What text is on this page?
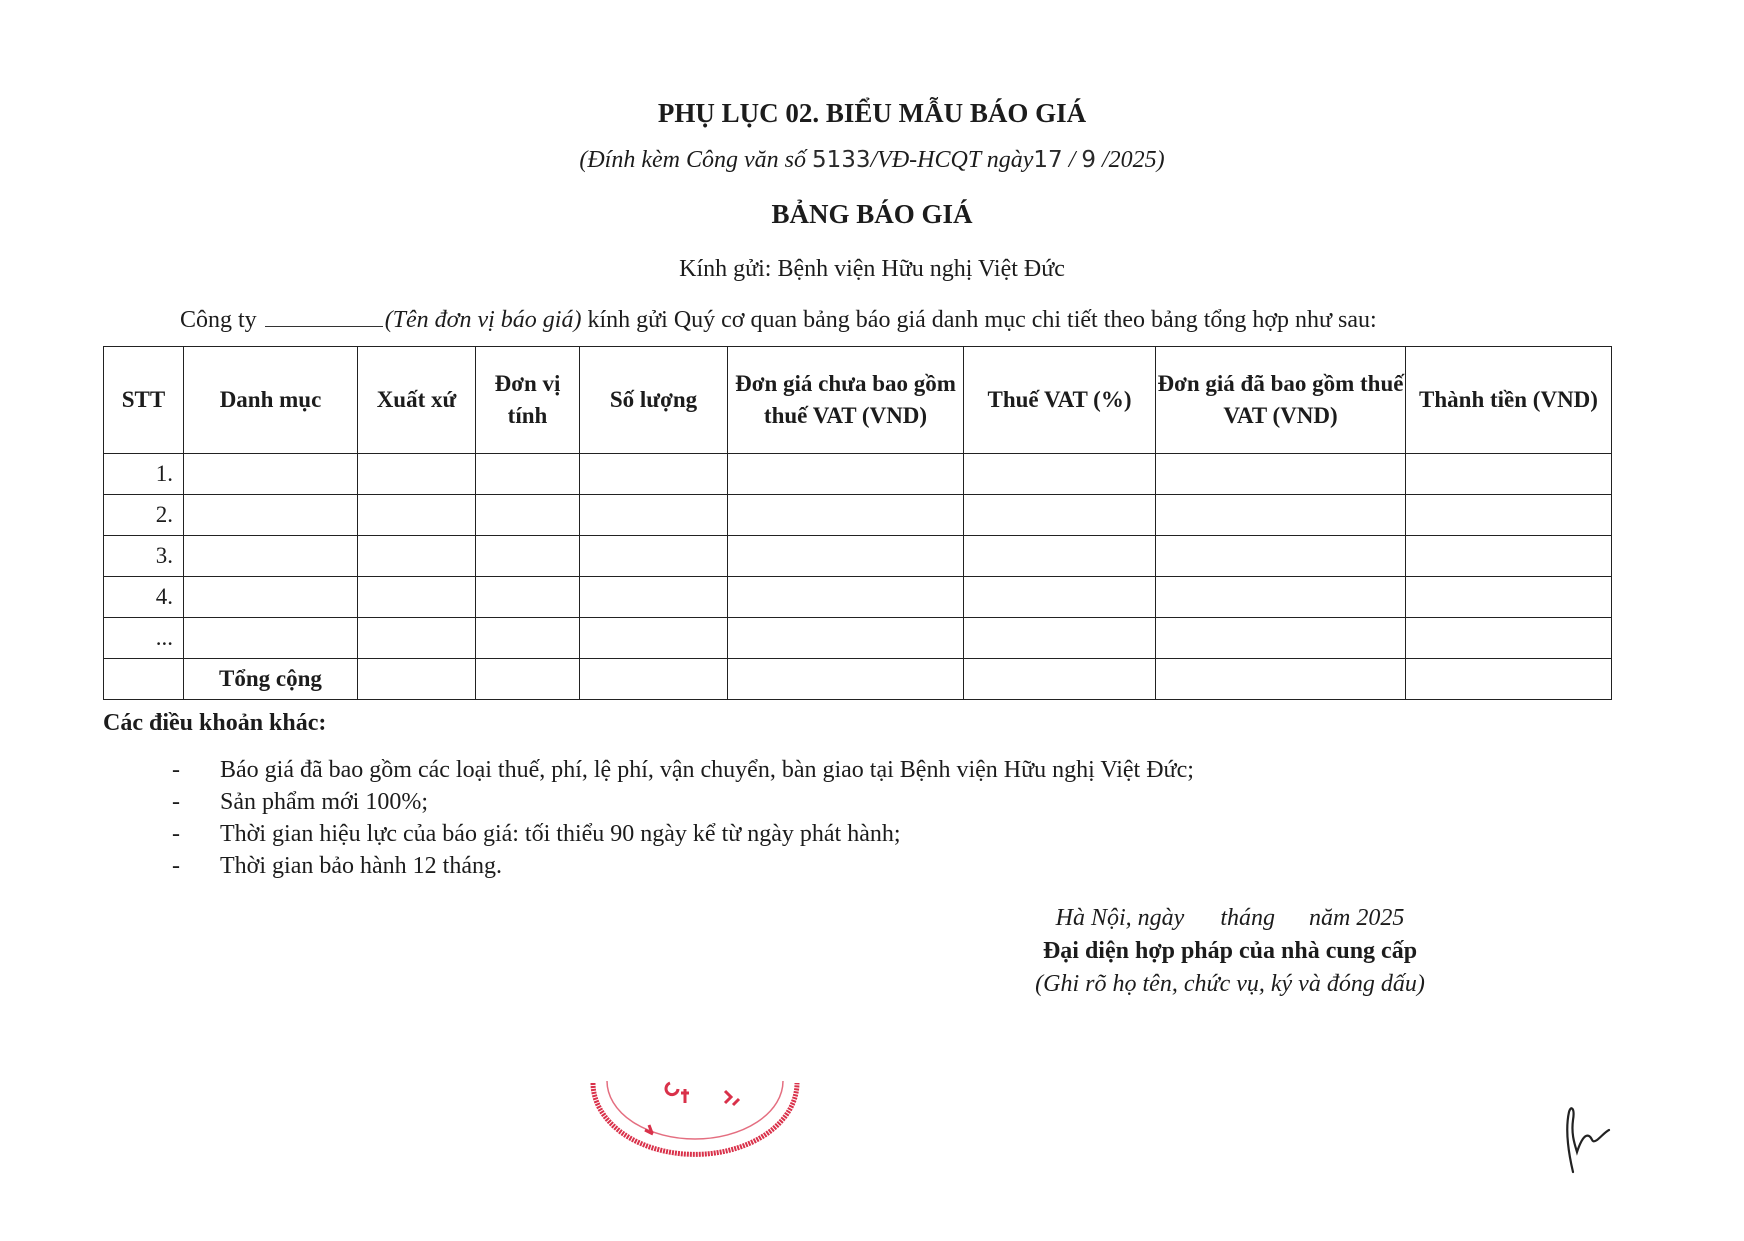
PHỤ LỤC 02. BIỂU MẪU BÁO GIÁ
(Đính kèm Công văn số 5133/VĐ-HCQT ngày17 / 9 /2025)
BẢNG BÁO GIÁ
Kính gửi: Bệnh viện Hữu nghị Việt Đức
Công ty	(Tên đơn vị báo giá) kính gửi Quý cơ quan bảng báo giá danh mục chi tiết theo bảng tổng hợp như sau:
STT	Danh mục	Xuất xứ	Đơn vị tính	Số lượng	Đơn giá chưa bao gồm thuế VAT (VND)	Thuế VAT (%)	Đơn giá đã bao gồm thuế VAT (VND)	Thành tiền (VND)
1.								
2.								
3.								
4.								
...								
	Tổng cộng							
Các điều khoản khác:
- Báo giá đã bao gồm các loại thuế, phí, lệ phí, vận chuyển, bàn giao tại Bệnh viện Hữu nghị Việt Đức;
- Sản phẩm mới 100%;
- Thời gian hiệu lực của báo giá: tối thiểu 90 ngày kể từ ngày phát hành;
- Thời gian bảo hành 12 tháng.
Hà Nội, ngày tháng năm 2025
Đại diện hợp pháp của nhà cung cấp
(Ghi rõ họ tên, chức vụ, ký và đóng dấu)
